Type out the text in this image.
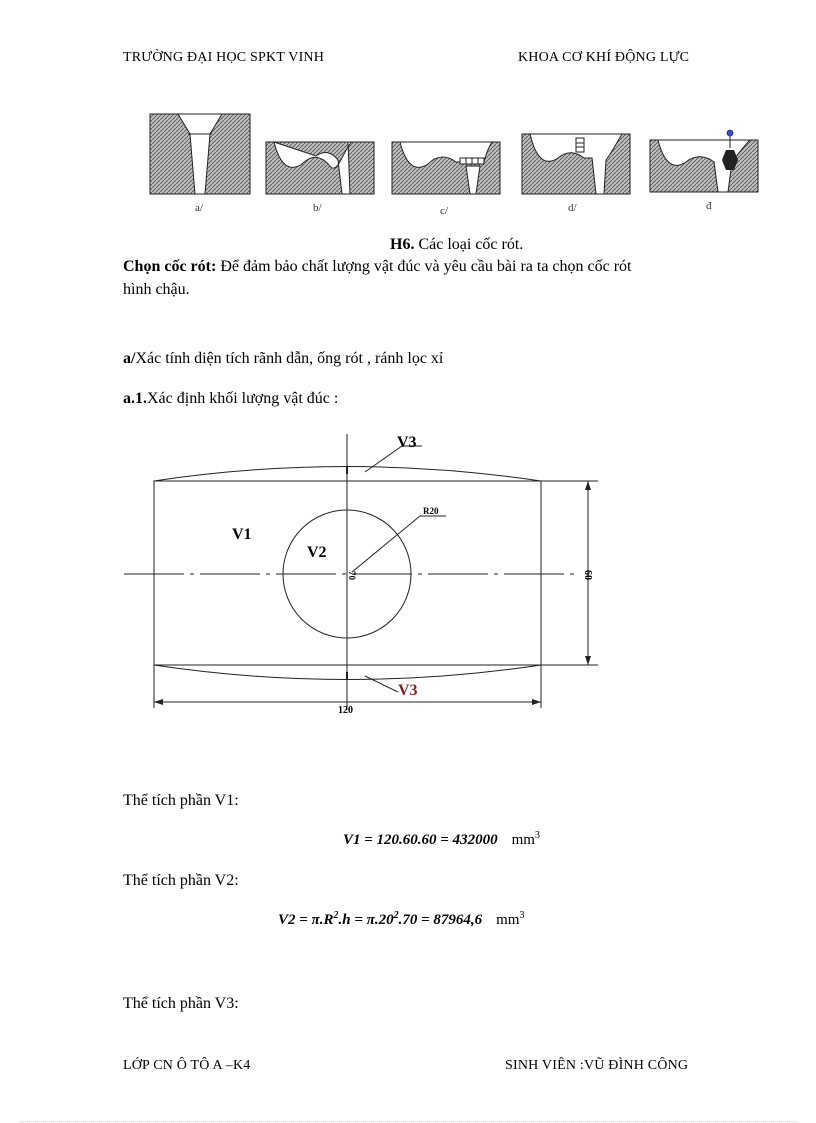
TRƯỜNG ĐẠI HỌC SPKT VINH	KHOA CƠ KHÍ ĐỘNG LỰC
a/	b/	c/	d/	đ
H6. Các loại cốc rót.
Chọn cốc rót: Để đảm bảo chất lượng vật đúc và yêu cầu bài ra ta chọn cốc rót
hình chậu.
a/Xác tính diện tích rãnh dẫn, ống rót , ránh lọc xỉ
a.1.Xác định khối lượng vật đúc :
R20
70	60
120
V1
V2
V3
V3
Thể tích phần V1:
V1 = 120.60.60 = 432000 $mm^3$
Thể tích phần V2:
$V2 = \pi.R^2.h = \pi.20^2.70 = 87964,6$ $mm^3$
Thể tích phần V3:
LỚP CN Ô TÔ A –K4	SINH VIÊN :VŨ ĐÌNH CÔNG
